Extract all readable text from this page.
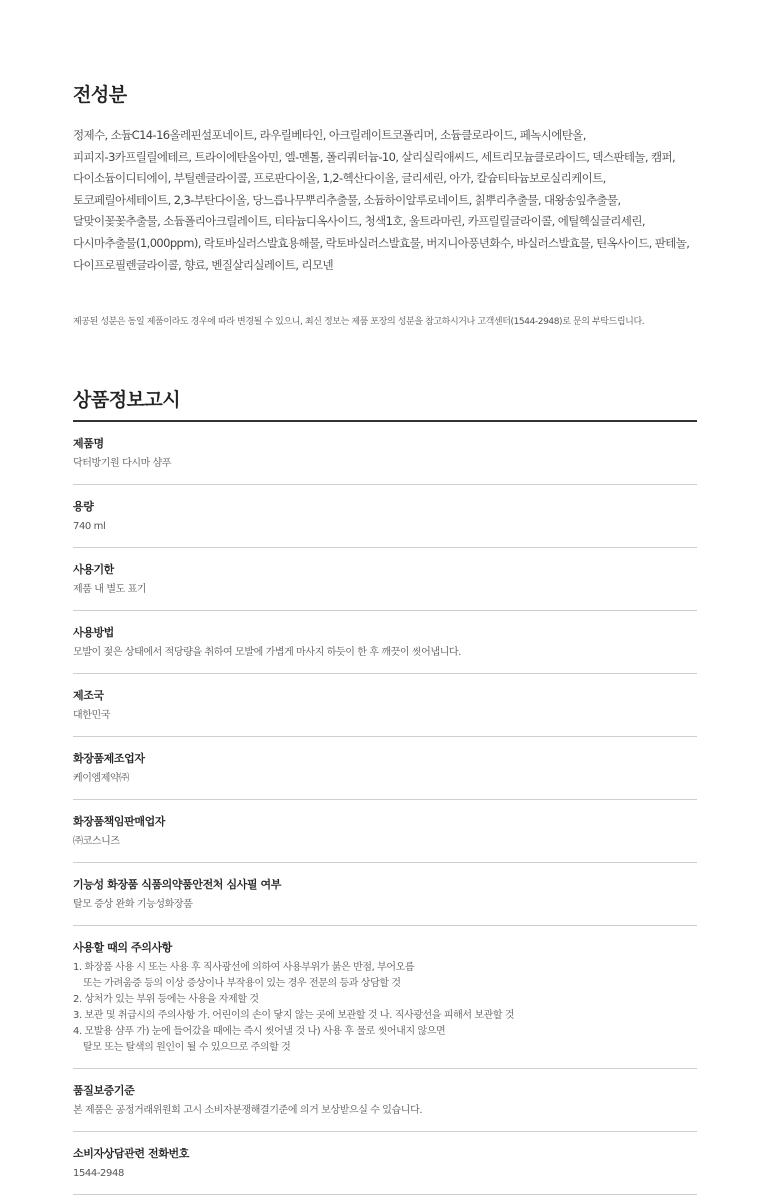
전성분
정제수, 소듐C14-16올레핀설포네이트, 라우릴베타인, 아크릴레이트코폴리머, 소듐클로라이드, 페녹시에탄올, 피피지-3카프릴릴에테르, 트라이에탄올아민, 엘-멘톨, 폴리쿼터늄-10, 살리실릭애씨드, 세트리모늄클로라이드, 덱스판테놀, 캠퍼, 다이소듐이디티에이, 부틸렌글라이콜, 프로판다이올, 1,2-헥산다이올, 글리세린, 아가, 칼슘티타늄보로실리케이트, 토코페릴아세테이트, 2,3-부탄다이올, 당느릅나무뿌리추출물, 소듐하이알루로네이트, 칡뿌리추출물, 대왕송잎추출물, 달맞이꽃꽃추출물, 소듐폴리아크릴레이트, 티타늄디옥사이드, 청색1호, 울트라마린, 카프릴릴글라이콜, 에틸헥실글리세린, 다시마추출물(1,000ppm), 락토바실러스발효용해물, 락토바실러스발효물, 버지니아풍년화수, 바실러스발효물, 틴옥사이드, 판테놀, 다이프로필렌글라이콜, 향료, 벤질살리실레이트, 리모넨
제공된 성분은 동일 제품이라도 경우에 따라 변경될 수 있으니, 최신 정보는 제품 포장의 성분을 참고하시거나 고객센터(1544-2948)로 문의 부탁드립니다.
상품정보고시
제품명
닥터방기원 다시마 샴푸
용량
740 ml
사용기한
제품 내 별도 표기
사용방법
모발이 젖은 상태에서 적당량을 취하여 모발에 가볍게 마사지 하듯이 한 후 깨끗이 씻어냅니다.
제조국
대한민국
화장품제조업자
케이엠제약㈜
화장품책임판매업자
㈜코스니즈
기능성 화장품 식품의약품안전처 심사필 여부
탈모 증상 완화 기능성화장품
사용할 때의 주의사항
1. 화장품 사용 시 또는 사용 후 직사광선에 의하여 사용부위가 붉은 반점, 부어오름
또는 가려움증 등의 이상 증상이나 부작용이 있는 경우 전문의 등과 상담할 것
2. 상처가 있는 부위 등에는 사용을 자제할 것
3. 보관 및 취급시의 주의사항 가. 어린이의 손이 닿지 않는 곳에 보관할 것 나. 직사광선을 피해서 보관할 것
4. 모발용 샴푸 가) 눈에 들어갔을 때에는 즉시 씻어낼 것 나) 사용 후 물로 씻어내지 않으면
탈모 또는 탈색의 원인이 될 수 있으므로 주의할 것
품질보증기준
본 제품은 공정거래위원회 고시 소비자분쟁해결기준에 의거 보상받으실 수 있습니다.
소비자상담관련 전화번호
1544-2948
